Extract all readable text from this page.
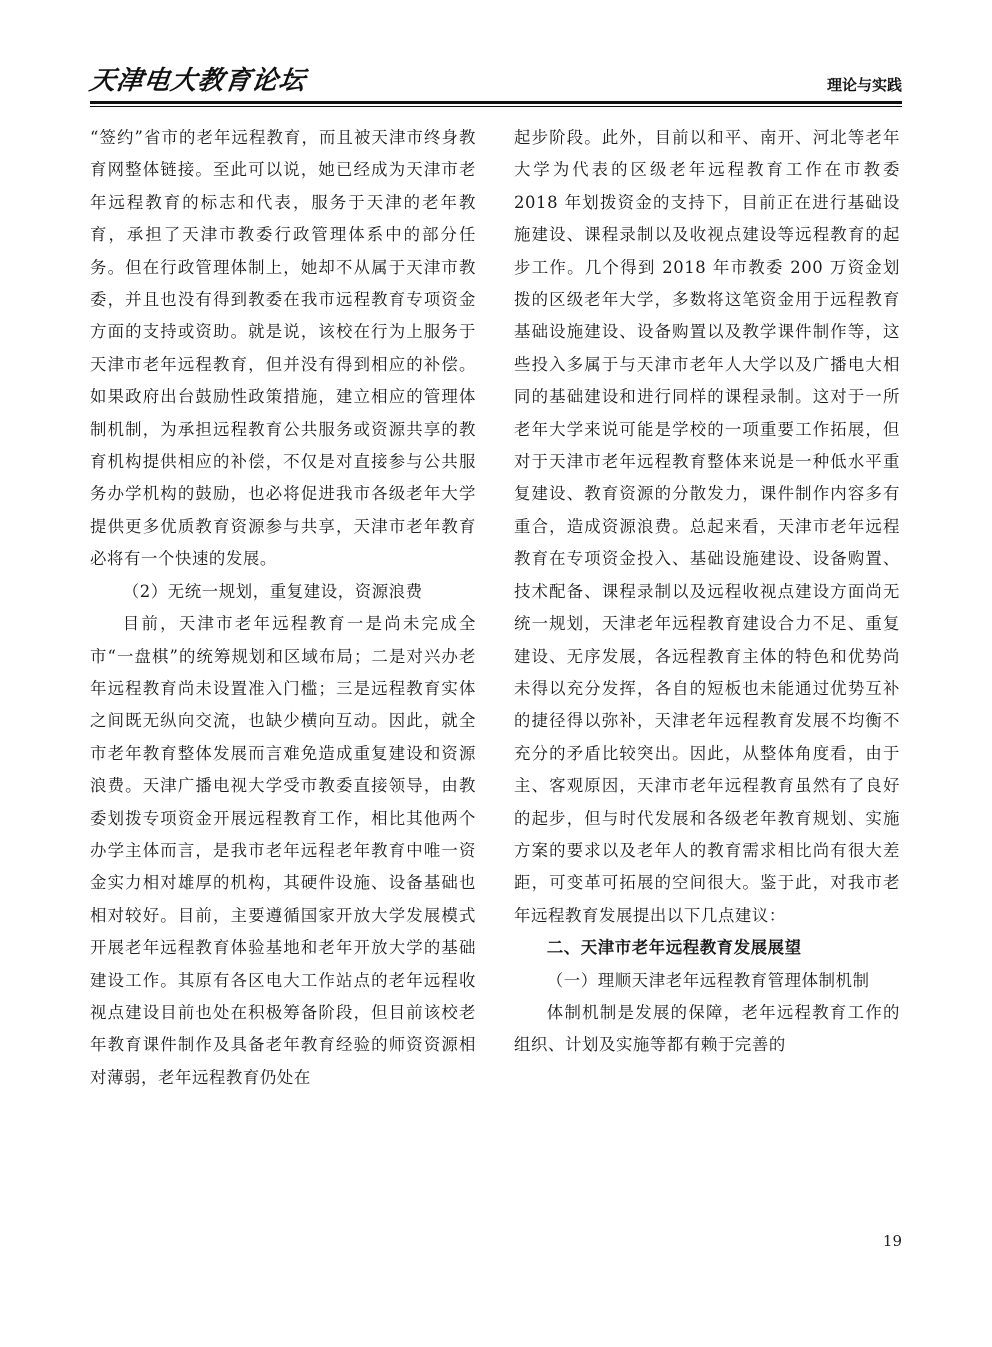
天津电大教育论坛	理论与实践

“签约”省市的老年远程教育，而且被天津市终身教育网整体链接。至此可以说，她已经成为天津市老年远程教育的标志和代表，服务于天津的老年教育，承担了天津市教委行政管理体系中的部分任务。但在行政管理体制上，她却不从属于天津市教委，并且也没有得到教委在我市远程教育专项资金方面的支持或资助。就是说，该校在行为上服务于天津市老年远程教育，但并没有得到相应的补偿。如果政府出台鼓励性政策措施，建立相应的管理体制机制，为承担远程教育公共服务或资源共享的教育机构提供相应的补偿，不仅是对直接参与公共服务办学机构的鼓励，也必将促进我市各级老年大学提供更多优质教育资源参与共享，天津市老年教育必将有一个快速的发展。

（2）无统一规划，重复建设，资源浪费

目前，天津市老年远程教育一是尚未完成全市“一盘棋”的统筹规划和区域布局；二是对兴办老年远程教育尚未设置准入门槛；三是远程教育实体之间既无纵向交流，也缺少横向互动。因此，就全市老年教育整体发展而言难免造成重复建设和资源浪费。天津广播电视大学受市教委直接领导，由教委划拨专项资金开展远程教育工作，相比其他两个办学主体而言，是我市老年远程老年教育中唯一资金实力相对雄厚的机构，其硬件设施、设备基础也相对较好。目前，主要遵循国家开放大学发展模式开展老年远程教育体验基地和老年开放大学的基础建设工作。其原有各区电大工作站点的老年远程收视点建设目前也处在积极筹备阶段，但目前该校老年教育课件制作及具备老年教育经验的师资资源相对薄弱，老年远程教育仍处在

起步阶段。此外，目前以和平、南开、河北等老年大学为代表的区级老年远程教育工作在市教委 2018 年划拨资金的支持下，目前正在进行基础设施建设、课程录制以及收视点建设等远程教育的起步工作。几个得到 2018 年市教委 200 万资金划拨的区级老年大学，多数将这笔资金用于远程教育基础设施建设、设备购置以及教学课件制作等，这些投入多属于与天津市老年人大学以及广播电大相同的基础建设和进行同样的课程录制。这对于一所老年大学来说可能是学校的一项重要工作拓展，但对于天津市老年远程教育整体来说是一种低水平重复建设、教育资源的分散发力，课件制作内容多有重合，造成资源浪费。总起来看，天津市老年远程教育在专项资金投入、基础设施建设、设备购置、技术配备、课程录制以及远程收视点建设方面尚无统一规划，天津老年远程教育建设合力不足、重复建设、无序发展，各远程教育主体的特色和优势尚未得以充分发挥，各自的短板也未能通过优势互补的捷径得以弥补，天津老年远程教育发展不均衡不充分的矛盾比较突出。因此，从整体角度看，由于主、客观原因，天津市老年远程教育虽然有了良好的起步，但与时代发展和各级老年教育规划、实施方案的要求以及老年人的教育需求相比尚有很大差距，可变革可拓展的空间很大。鉴于此，对我市老年远程教育发展提出以下几点建议：

二、天津市老年远程教育发展展望

（一）理顺天津老年远程教育管理体制机制

体制机制是发展的保障，老年远程教育工作的组织、计划及实施等都有赖于完善的

19
